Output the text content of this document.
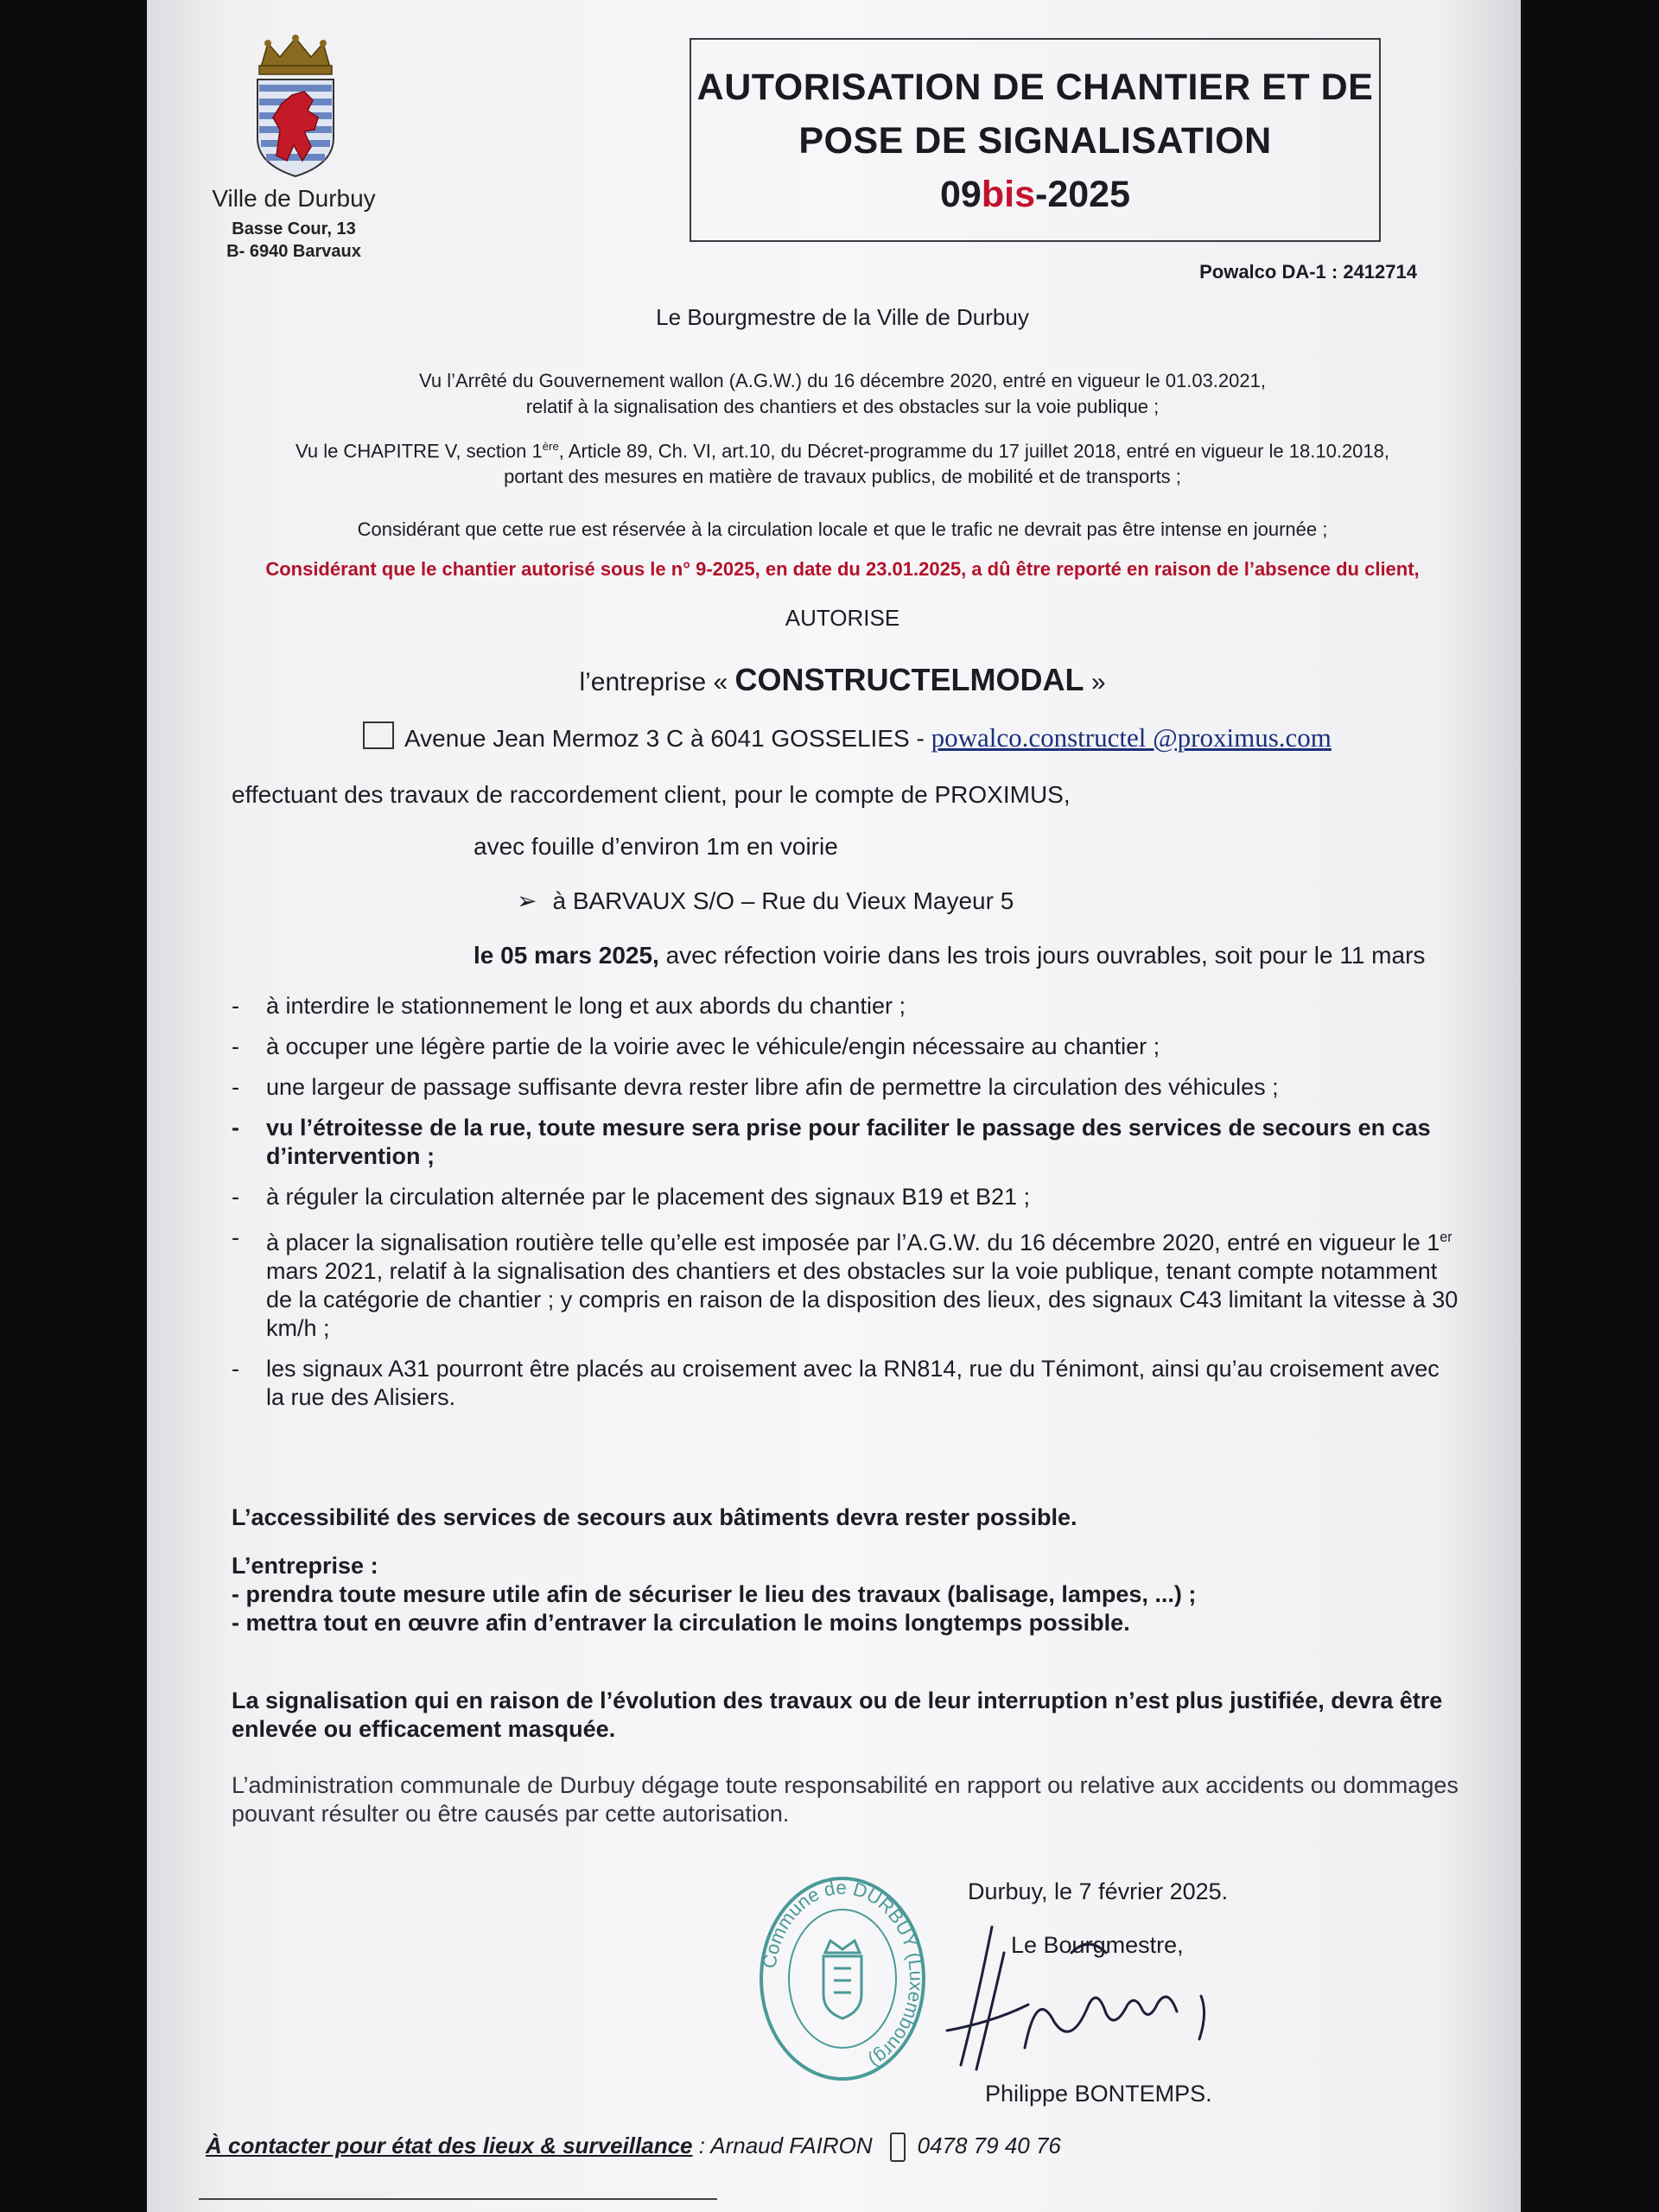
Ville de Durbuy
Basse Cour, 13
B- 6940 Barvaux
AUTORISATION DE CHANTIER ET DE
POSE DE SIGNALISATION
09bis-2025
Powalco DA-1 : 2412714
Le Bourgmestre de la Ville de Durbuy
Vu l’Arrêté du Gouvernement wallon (A.G.W.) du 16 décembre 2020, entré en vigueur le 01.03.2021,
relatif à la signalisation des chantiers et des obstacles sur la voie publique ;
Vu le CHAPITRE V, section 1ère, Article 89, Ch. VI, art.10, du Décret-programme du 17 juillet 2018, entré en vigueur le 18.10.2018,
portant des mesures en matière de travaux publics, de mobilité et de transports ;
Considérant que cette rue est réservée à la circulation locale et que le trafic ne devrait pas être intense en journée ;
Considérant que le chantier autorisé sous le n° 9-2025, en date du 23.01.2025, a dû être reporté en raison de l’absence du client,
AUTORISE
l’entreprise « CONSTRUCTELMODAL »
Avenue Jean Mermoz 3 C à 6041 GOSSELIES - powalco.constructel @proximus.com
effectuant des travaux de raccordement client, pour le compte de PROXIMUS,
avec fouille d’environ 1m en voirie
➢ à BARVAUX S/O – Rue du Vieux Mayeur 5
le 05 mars 2025, avec réfection voirie dans les trois jours ouvrables, soit pour le 11 mars
- à interdire le stationnement le long et aux abords du chantier ;
- à occuper une légère partie de la voirie avec le véhicule/engin nécessaire au chantier ;
- une largeur de passage suffisante devra rester libre afin de permettre la circulation des véhicules ;
- vu l’étroitesse de la rue, toute mesure sera prise pour faciliter le passage des services de secours en cas d’intervention ;
- à réguler la circulation alternée par le placement des signaux B19 et B21 ;
- à placer la signalisation routière telle qu’elle est imposée par l’A.G.W. du 16 décembre 2020, entré en vigueur le 1er mars 2021, relatif à la signalisation des chantiers et des obstacles sur la voie publique, tenant compte notamment de la catégorie de chantier ; y compris en raison de la disposition des lieux, des signaux C43 limitant la vitesse à 30 km/h ;
- les signaux A31 pourront être placés au croisement avec la RN814, rue du Ténimont, ainsi qu’au croisement avec la rue des Alisiers.
L’accessibilité des services de secours aux bâtiments devra rester possible.
L’entreprise :
- prendra toute mesure utile afin de sécuriser le lieu des travaux (balisage, lampes, ...) ;
- mettra tout en œuvre afin d’entraver la circulation le moins longtemps possible.
La signalisation qui en raison de l’évolution des travaux ou de leur interruption n’est plus justifiée, devra être enlevée ou efficacement masquée.
L’administration communale de Durbuy dégage toute responsabilité en rapport ou relative aux accidents ou dommages pouvant résulter ou être causés par cette autorisation.
Commune de DURBUY (Luxembourg)
Durbuy, le 7 février 2025.
Le Bourgmestre,
Philippe BONTEMPS.
À contacter pour état des lieux & surveillance : Arnaud FAIRON 0478 79 40 76
